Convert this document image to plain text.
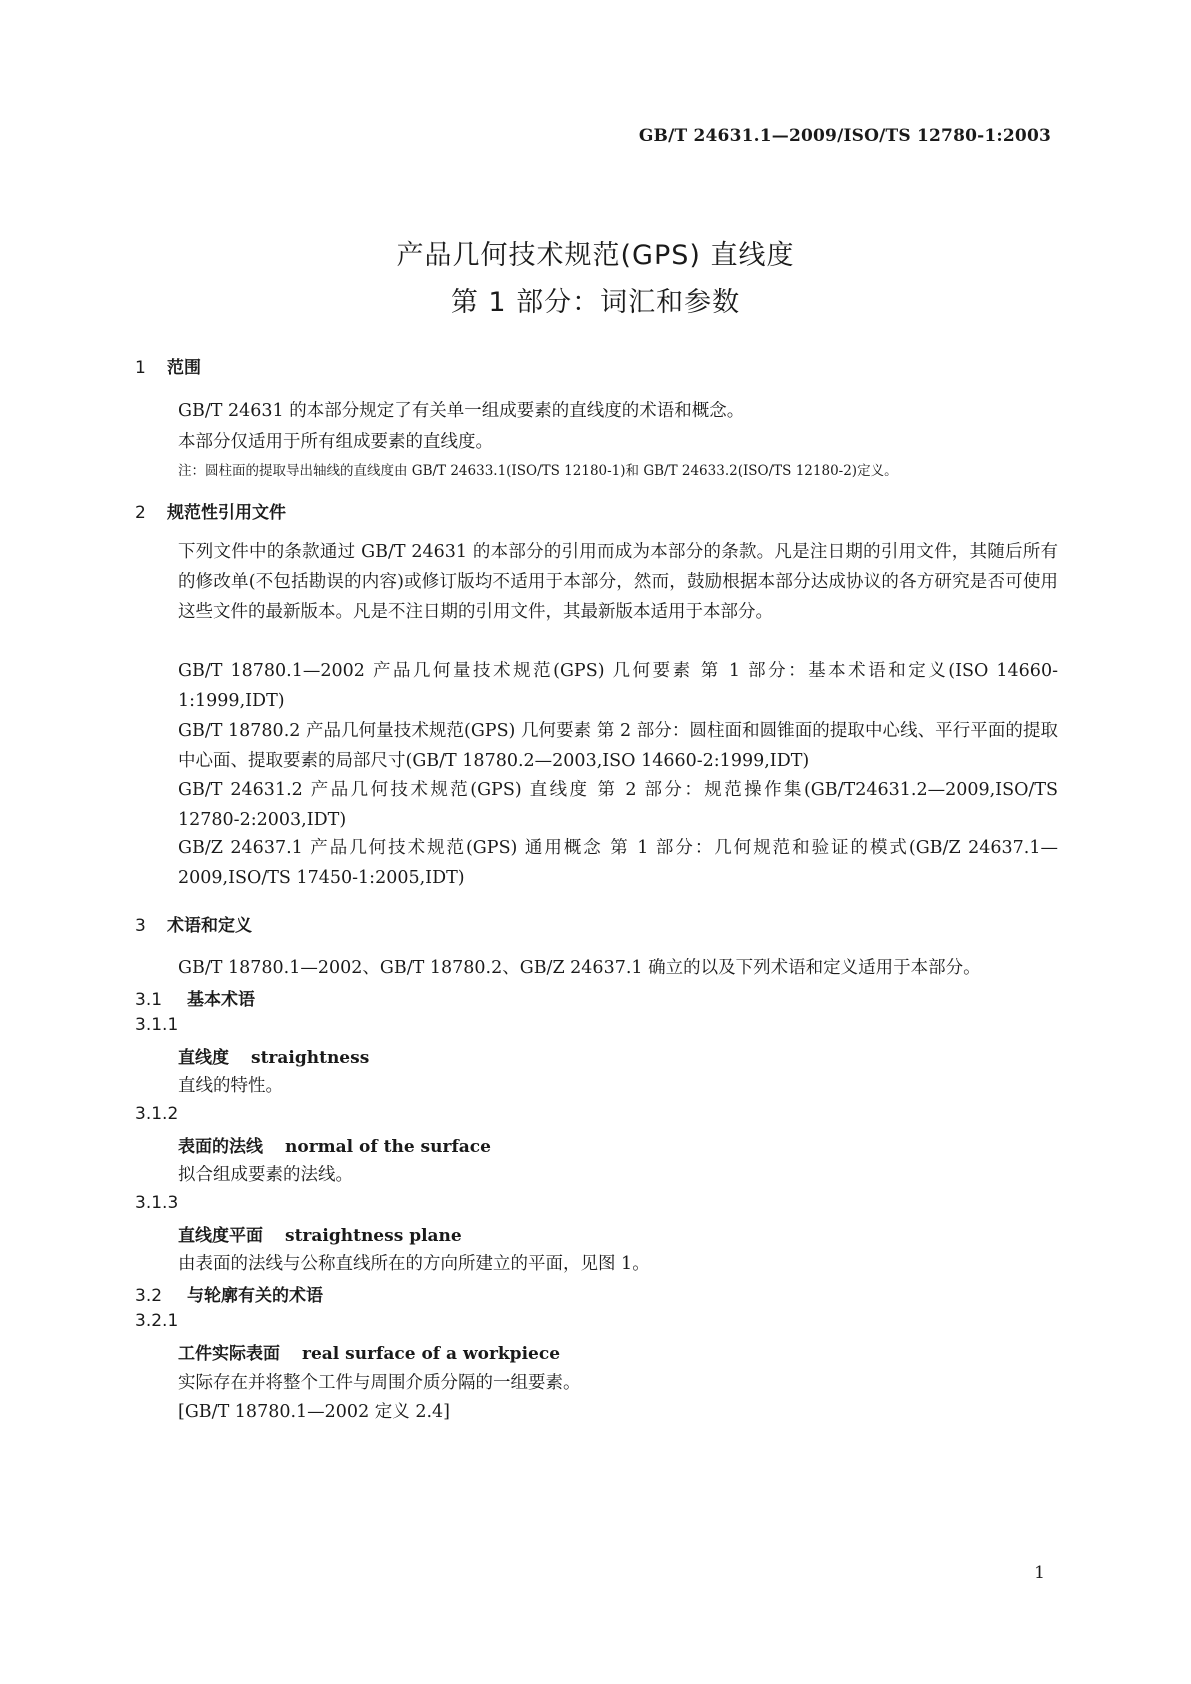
GB/T 24631.1—2009/ISO/TS 12780-1:2003
产品几何技术规范(GPS) 直线度
第 1 部分：词汇和参数
1 范围
GB/T 24631 的本部分规定了有关单一组成要素的直线度的术语和概念。
本部分仅适用于所有组成要素的直线度。
注：圆柱面的提取导出轴线的直线度由 GB/T 24633.1(ISO/TS 12180-1)和 GB/T 24633.2(ISO/TS 12180-2)定义。
2 规范性引用文件
下列文件中的条款通过 GB/T 24631 的本部分的引用而成为本部分的条款。凡是注日期的引用文件，其随后所有的修改单(不包括勘误的内容)或修订版均不适用于本部分，然而，鼓励根据本部分达成协议的各方研究是否可使用这些文件的最新版本。凡是不注日期的引用文件，其最新版本适用于本部分。
GB/T 18780.1—2002 产品几何量技术规范(GPS) 几何要素 第 1 部分：基本术语和定义(ISO 14660-1:1999,IDT)
GB/T 18780.2 产品几何量技术规范(GPS) 几何要素 第 2 部分：圆柱面和圆锥面的提取中心线、平行平面的提取中心面、提取要素的局部尺寸(GB/T 18780.2—2003,ISO 14660-2:1999,IDT)
GB/T 24631.2 产品几何技术规范(GPS) 直线度 第 2 部分：规范操作集(GB/T24631.2—2009,ISO/TS 12780-2:2003,IDT)
GB/Z 24637.1 产品几何技术规范(GPS) 通用概念 第 1 部分：几何规范和验证的模式(GB/Z 24637.1—2009,ISO/TS 17450-1:2005,IDT)
3 术语和定义
GB/T 18780.1—2002、GB/T 18780.2、GB/Z 24637.1 确立的以及下列术语和定义适用于本部分。
3.1 基本术语
3.1.1
直线度 straightness
直线的特性。
3.1.2
表面的法线 normal of the surface
拟合组成要素的法线。
3.1.3
直线度平面 straightness plane
由表面的法线与公称直线所在的方向所建立的平面，见图 1。
3.2 与轮廓有关的术语
3.2.1
工件实际表面 real surface of a workpiece
实际存在并将整个工件与周围介质分隔的一组要素。
[GB/T 18780.1—2002 定义 2.4]
1
